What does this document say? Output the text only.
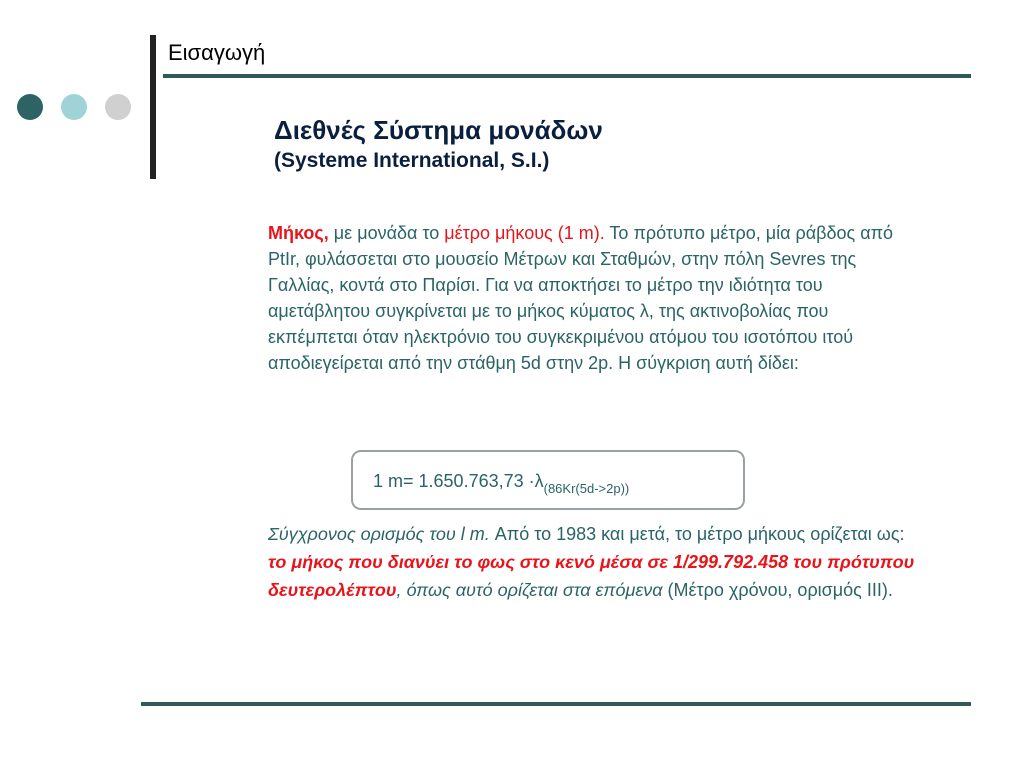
Εισαγωγή
Διεθνές Σύστημα μονάδων
(Systeme International, S.I.)
Μήκος, με μονάδα το μέτρο μήκους (1 m). Το πρότυπο μέτρο, μία ράβδος από PtIr, φυλάσσεται στο μουσείο Μέτρων και Σταθμών, στην πόλη Sevres της Γαλλίας, κοντά στο Παρίσι. Για να αποκτήσει το μέτρο την ιδιότητα του αμετάβλητου συγκρίνεται με το μήκος κύματος λ, της ακτινοβολίας που εκπέμπεται όταν ηλεκτρόνιο του συγκεκριμένου ατόμου του ισοτόπου ιτού αποδιεγείρεται από την στάθμη 5d στην 2p. Η σύγκριση αυτή δίδει:
1 $m= 1.650.763,73 \cdot\lambda_{(86Kr(5d->2p))}$
Σύγχρονος ορισμός του l m. Από το 1983 και μετά, το μέτρο μήκους ορίζεται ως: το μήκος που διανύει το φως στο κενό μέσα σε 1/299.792.458 του πρότυπου δευτερολέπτου, όπως αυτό ορίζεται στα επόμενα (Μέτρο χρόνου, ορισμός ΙΙΙ).
